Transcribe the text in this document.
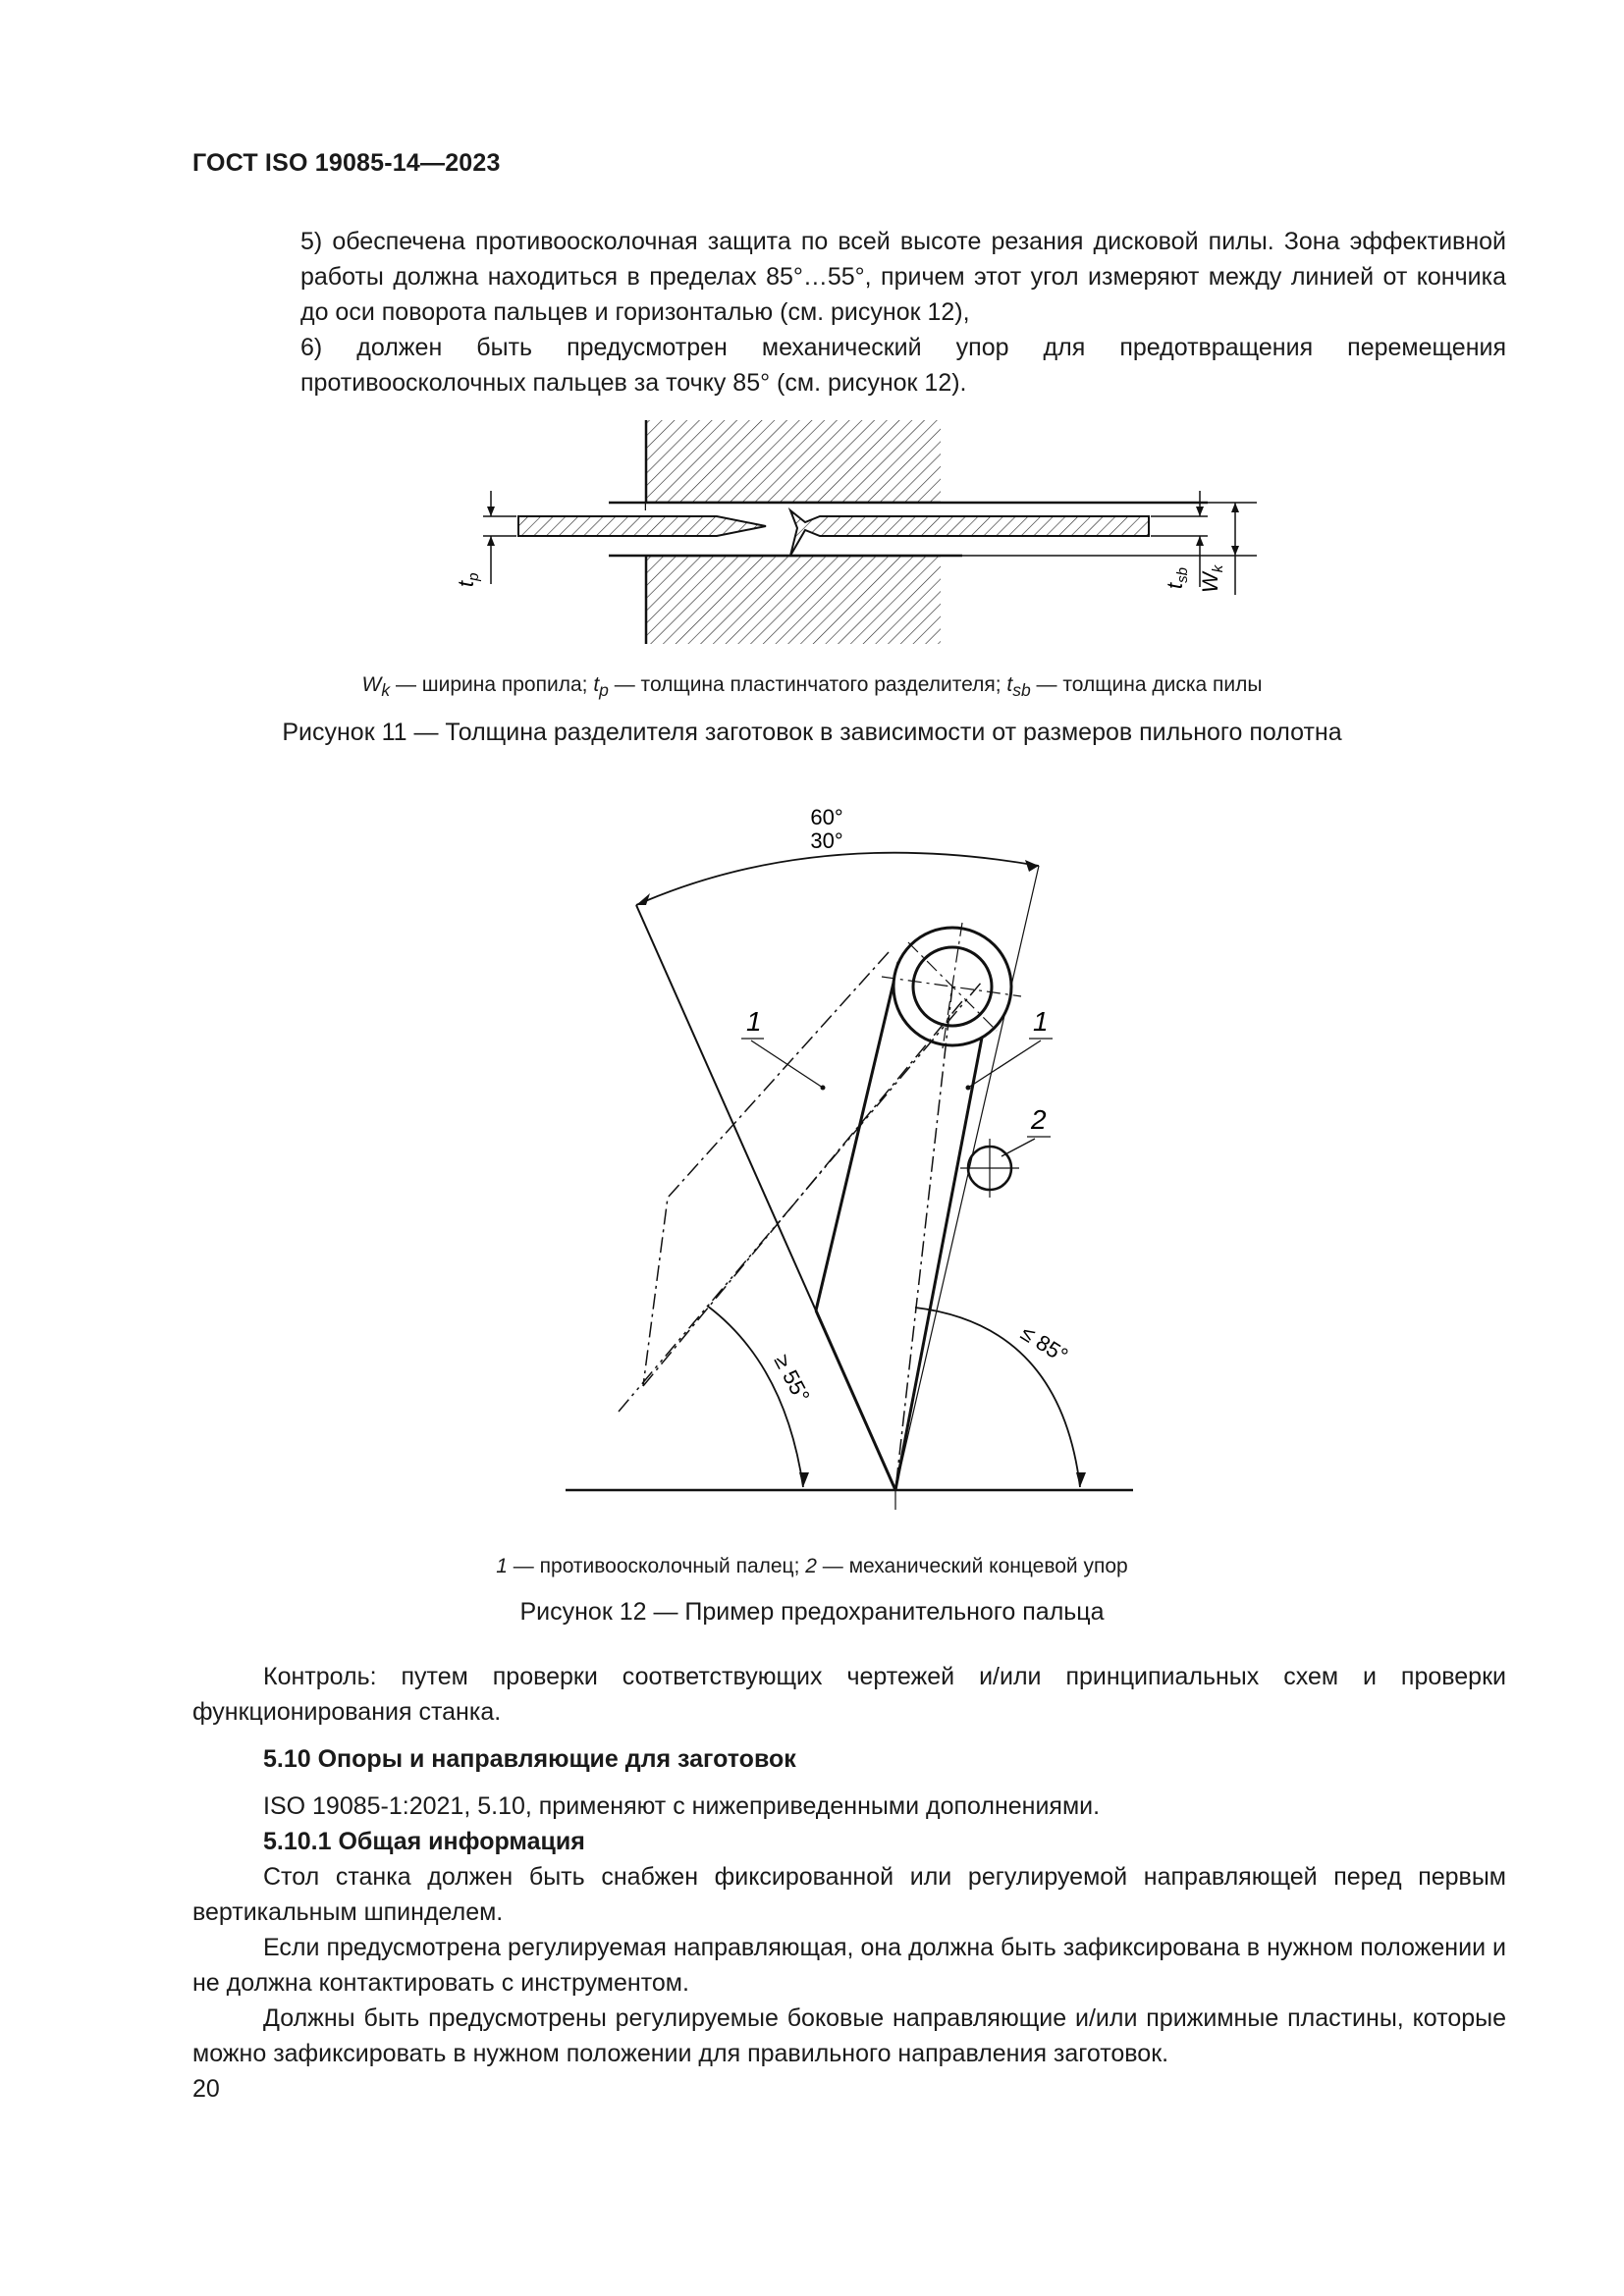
ГОСТ ISO 19085-14—2023

5) обеспечена противоосколочная защита по всей высоте резания дисковой пилы. Зона эффективной работы должна находиться в пределах 85°…55°, причем этот угол измеряют между линией от кончика до оси поворота пальцев и горизонталью (см. рисунок 12),

6) должен быть предусмотрен механический упор для предотвращения перемещения противоосколочных пальцев за точку 85° (см. рисунок 12).

$t_p$
$t_{sb}$ $W_k$
$W_k$ — ширина пропила; $t_p$ — толщина пластинчатого разделителя; $t_{sb}$ — толщина диска пилы
Рисунок 11 — Толщина разделителя заготовок в зависимости от размеров пильного полотна
60°
30°
1	1
2
≥ 55°
≤ 85°
1 — противоосколочный палец; 2 — механический концевой упор
Рисунок 12 — Пример предохранительного пальца

Контроль: путем проверки соответствующих чертежей и/или принципиальных схем и проверки функционирования станка.

5.10 Опоры и направляющие для заготовок

ISO 19085-1:2021, 5.10, применяют с нижеприведенными дополнениями.

5.10.1 Общая информация

Стол станка должен быть снабжен фиксированной или регулируемой направляющей перед первым вертикальным шпинделем.

Если предусмотрена регулируемая направляющая, она должна быть зафиксирована в нужном положении и не должна контактировать с инструментом.

Должны быть предусмотрены регулируемые боковые направляющие и/или прижимные пластины, которые можно зафиксировать в нужном положении для правильного направления заготовок.

20
